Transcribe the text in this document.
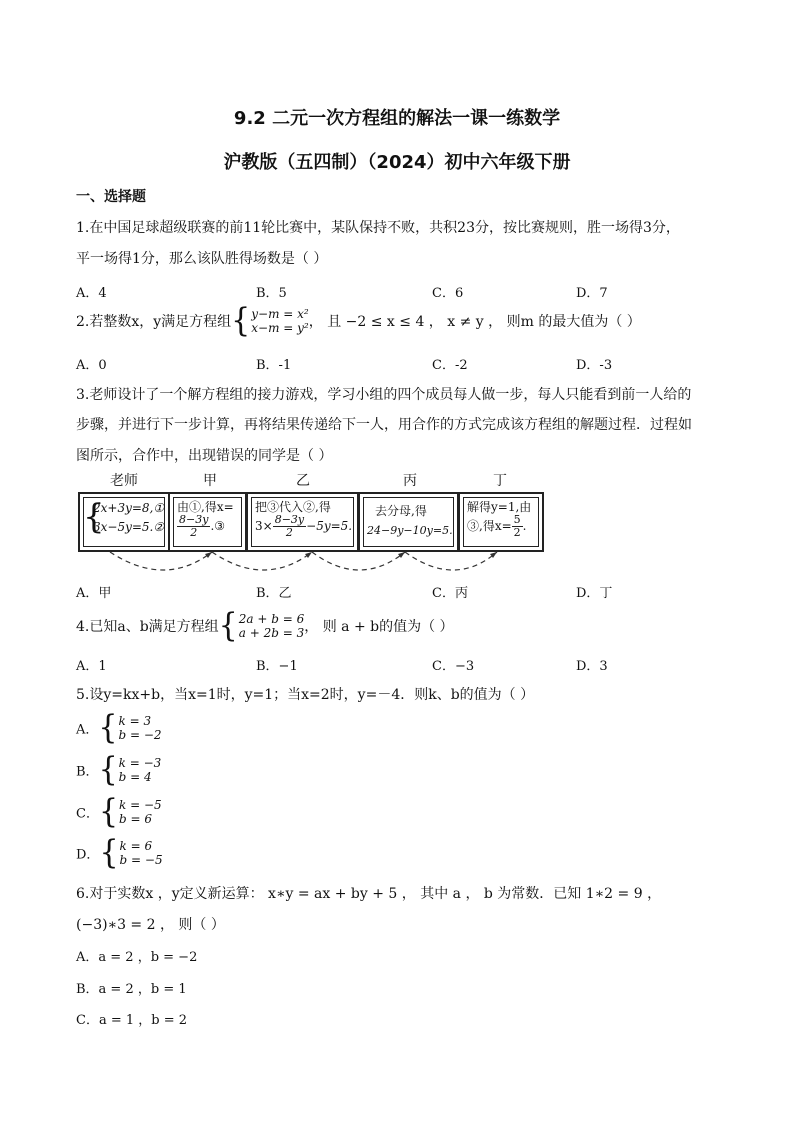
9.2 二元一次方程组的解法一课一练数学
沪教版（五四制）（2024）初中六年级下册
一、选择题
1.在中国足球超级联赛的前11轮比赛中，某队保持不败，共积23分，按比赛规则，胜一场得3分，
平一场得1分，那么该队胜得场数是（ ）
A．4	B．5	C．6	D．7
2.若整数x，y满足方程组{ y−m = x²
x−m = y² ， 且 −2 ≤ x ≤ 4 ， x ≠ y ， 则m 的最大值为（ ）
A．0	B．-1	C．-2	D．-3
3.老师设计了一个解方程组的接力游戏，学习小组的四个成员每人做一步，每人只能看到前一人给的
步骤，并进行下一步计算，再将结果传递给下一人，用合作的方式完成该方程组的解题过程．过程如
图所示，合作中，出现错误的同学是（ ）
老师	甲	乙	丙	丁
{
2x+3y=8,①
3x−5y=5.②
由①,得x=
$\frac{8-3y}{2}$ .③
把③代入②,得
$3\times \frac{8-3y}{2} -5y=5$.
去分母,得
24−9y−10y=5.
解得y=1,由
③,得$x= \frac{5}{2}$ .
A．甲	B．乙	C．丙	D．丁
4.已知a、b满足方程组{ 2a + b = 6
a + 2b = 3 ， 则 a + b的值为（ ）
A．1	B．−1	C．−3	D．3
5.设y=kx+b，当x=1时，y=1；当x=2时，y=－4．则k、b的值为（ ）
A．{ k = 3
b = −2
B．{ k = −3
b = 4
C．{ k = −5
b = 6
D．{ k = 6
b = −5
6.对于实数x ，y定义新运算： x∗y = ax + by + 5 ， 其中 a ， b 为常数．已知 1∗2 = 9 ，
(−3)∗3 = 2 ， 则（ ）
A．a = 2 ，b = −2
B．a = 2 ，b = 1
C．a = 1 ，b = 2
